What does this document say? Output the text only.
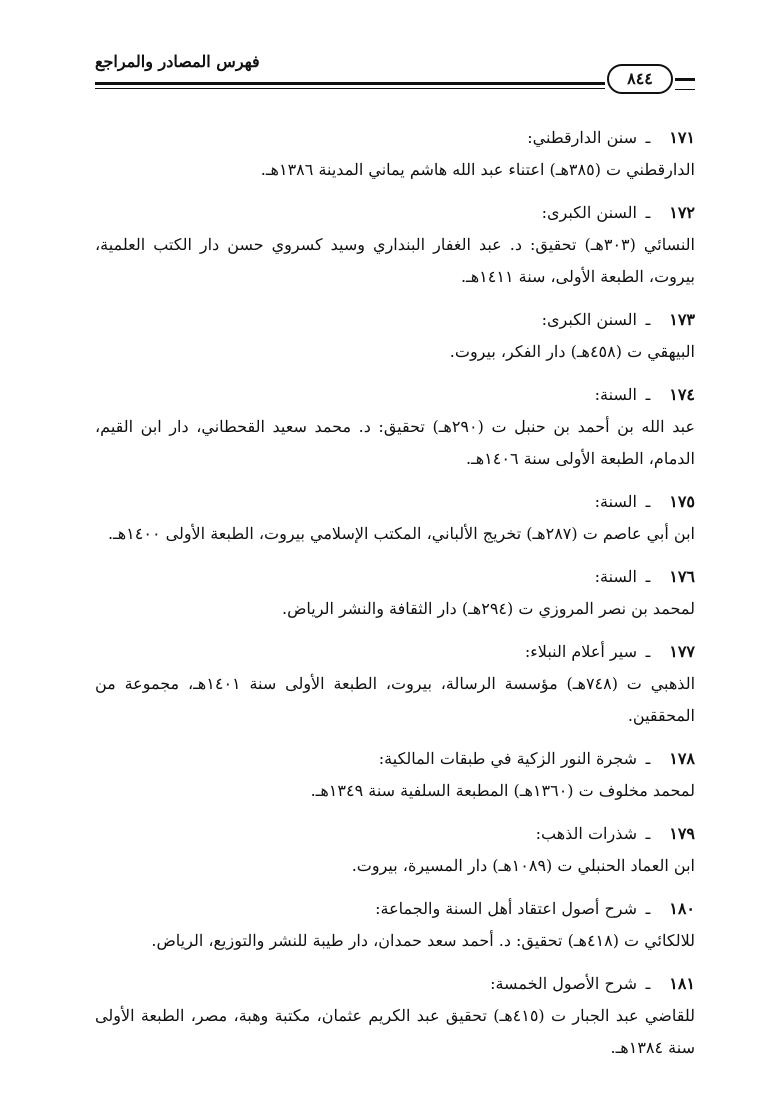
فهرس المصادر والمراجع
٨٤٤
١٧١
ـ
سنن الدارقطني:
الدارقطني ت (٣٨٥هـ) اعتناء عبد الله هاشم يماني المدينة ١٣٨٦هـ.
١٧٢
ـ
السنن الكبرى:
النسائي (٣٠٣هـ) تحقيق: د. عبد الغفار البنداري وسيد كسروي حسن دار الكتب العلمية، بيروت، الطبعة الأولى، سنة ١٤١١هـ.
١٧٣
ـ
السنن الكبرى:
البيهقي ت (٤٥٨هـ) دار الفكر، بيروت.
١٧٤
ـ
السنة:
عبد الله بن أحمد بن حنبل ت (٢٩٠هـ) تحقيق: د. محمد سعيد القحطاني، دار ابن القيم، الدمام، الطبعة الأولى سنة ١٤٠٦هـ.
١٧٥
ـ
السنة:
ابن أبي عاصم ت (٢٨٧هـ) تخريج الألباني، المكتب الإسلامي بيروت، الطبعة الأولى ١٤٠٠هـ.
١٧٦
ـ
السنة:
لمحمد بن نصر المروزي ت (٢٩٤هـ) دار الثقافة والنشر الرياض.
١٧٧
ـ
سير أعلام النبلاء:
الذهبي ت (٧٤٨هـ) مؤسسة الرسالة، بيروت، الطبعة الأولى سنة ١٤٠١هـ، مجموعة من المحققين.
١٧٨
ـ
شجرة النور الزكية في طبقات المالكية:
لمحمد مخلوف ت (١٣٦٠هـ) المطبعة السلفية سنة ١٣٤٩هـ.
١٧٩
ـ
شذرات الذهب:
ابن العماد الحنبلي ت (١٠٨٩هـ) دار المسيرة، بيروت.
١٨٠
ـ
شرح أصول اعتقاد أهل السنة والجماعة:
للالكائي ت (٤١٨هـ) تحقيق: د. أحمد سعد حمدان، دار طيبة للنشر والتوزيع، الرياض.
١٨١
ـ
شرح الأصول الخمسة:
للقاضي عبد الجبار ت (٤١٥هـ) تحقيق عبد الكريم عثمان، مكتبة وهبة، مصر، الطبعة الأولى سنة ١٣٨٤هـ.
